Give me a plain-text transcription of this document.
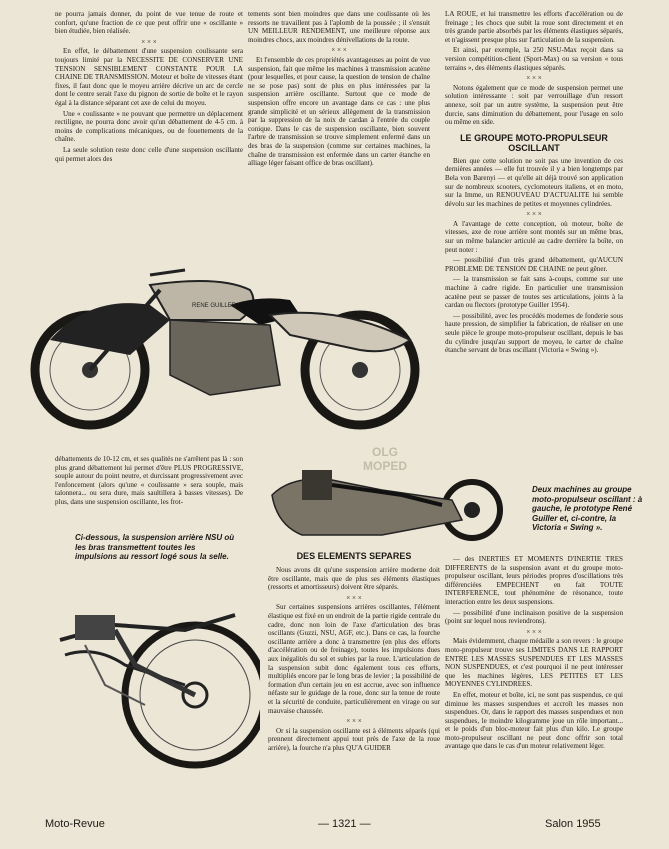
ne pourra jamais donner, du point de vue tenue de route et confort, qu'une fraction de ce que peut offrir une « oscillante » bien étudiée, bien réalisée.

× × ×

En effet, le débattement d'une suspension coulissante sera toujours limité par la NECESSITE DE CONSERVER UNE TENSION SENSIBLEMENT CONSTANTE POUR LA CHAINE DE TRANSMISSION. Moteur et boîte de vitesses étant fixes, il faut donc que le moyeu arrière décrive un arc de cercle dont le centre serait l'axe du pignon de sortie de boîte et le rayon égal à la distance séparant cet axe de celui du moyeu.

Une « coulissante » ne pouvant que permettre un déplacement rectiligne, ne pourra donc avoir qu'un débattement de 4-5 cm. à moins de complications mécaniques, ou de fouettements de la chaîne.

La seule solution reste donc celle d'une suspension oscillante qui permet alors des

tements sont bien moindres que dans une coulissante où les ressorts ne travaillent pas à l'aplomb de la poussée ; il s'ensuit UN MEILLEUR RENDEMENT, une meilleure réponse aux moindres chocs, aux moindres dénivellations de la route.

× × ×

Et l'ensemble de ces propriétés avantageuses au point de vue suspension, fait que même les machines à transmission acatène (pour lesquelles, et pour cause, la question de tension de chaîne ne se pose pas) sont de plus en plus intéressées par la suspension arrière oscillante. Surtout que ce mode de suspension offre encore un avantage dans ce cas : une plus grande simplicité et un sérieux allègement de la transmission par la suppression de la noix de cardan à l'entrée du couple conique. Dans le cas de suspension oscillante, bien souvent l'arbre de transmission se trouve simplement enfermé dans un des bras de la suspension (comme sur certaines machines, la chaîne de transmission est enfermée dans un carter étanche en alliage léger faisant office de bras oscillant).

LA ROUE, et lui transmettre les efforts d'accélération ou de freinage ; les chocs que subit la roue sont directement et en très grande partie absorbés par les éléments élastiques séparés, et n'agissent presque plus sur l'articulation de la suspension.

Et ainsi, par exemple, la 250 NSU-Max reçoit dans sa version compétition-client (Sport-Max) ou sa version « tous terrains », des éléments élastiques séparés.

× × ×

Notons également que ce mode de suspension permet une solution intéressante : soit par verrouillage d'un ressort annexe, soit par un autre système, la suspension peut être durcie, sans diminution du débattement, pour l'usage en solo ou même en side.

LE GROUPE MOTO-PROPULSEUR OSCILLANT

Bien que cette solution ne soit pas une invention de ces dernières années — elle fut trouvée il y a bien longtemps par Bela von Barenyi — et qu'elle ait déjà trouvé son application sur de nombreux scooters, cyclomoteurs italiens, et en moto, sur la Imme, un RENOUVEAU D'ACTUALITE lui semble dévolu sur les machines de petites et moyennes cylindrées.

× × ×

A l'avantage de cette conception, où moteur, boîte de vitesses, axe de roue arrière sont montés sur un même bras, sur un même balancier articulé au cadre derrière la boîte, on peut noter :

— possibilité d'un très grand débattement, qu'AUCUN PROBLEME DE TENSION DE CHAINE ne peut gêner.

— la transmission se fait sans à-coups, comme sur une machine à cadre rigide. En particulier une transmission acatène peut se passer de toutes ses articulations, joints à la cardan ou flectors (prototype Guiller 1954).

— possibilité, avec les procédés modernes de fonderie sous haute pression, de simplifier la fabrication, de réaliser en une seule pièce le groupe moto-propulseur oscillant, depuis le bas du cylindre jusqu'au support de moyeu, le carter de chaîne étanche servant de bras oscillant (Victoria « Swing »).

RENE GUILLER
OLG MOPED

débattements de 10-12 cm, et ses qualités ne s'arrêtent pas là : son plus grand débattement lui permet d'être PLUS PROGRESSIVE, souple autour du point neutre, et durcissant progressivement avec l'enfoncement (alors qu'une « coulissante » sera souple, mais talonnera... ou sera dure, mais saultillera à basses vitesses). De plus, dans une suspension oscillante, les frot-

Ci-dessous, la suspension arrière NSU où les bras transmettent toutes les impulsions au ressort logé sous la selle.
Deux machines au groupe moto-propulseur oscillant : à gauche, le prototype René Guiller et, ci-contre, la Victoria « Swing ».
DES ELEMENTS SEPARES

Nous avons dit qu'une suspension arrière moderne doit être oscillante, mais que de plus ses éléments élastiques (ressorts et amortisseurs) doivent être séparés.

× × ×

Sur certaines suspensions arrières oscillantes, l'élément élastique est fixé en un endroit de la partie rigide centrale du cadre, donc non loin de l'axe d'articulation des bras oscillants (Guzzi, NSU, AGF, etc.). Dans ce cas, la fourche oscillante arrière a donc à transmettre (en plus des efforts d'accélération ou de freinage), toutes les impulsions dues aux inégalités du sol et subies par la roue. L'articulation de la suspension subit donc également tous ces efforts, multipliés encore par le long bras de levier ; la possibilité de formation d'un certain jeu en est accrue, avec son influence néfaste sur le guidage de la roue, donc sur la tenue de route et la sécurité de conduite, particulièrement en virage ou sur mauvaise chaussée.

× × ×

Or si la suspension oscillante est à éléments séparés (qui prennent directement appui tout près de l'axe de la roue arrière), la fourche n'a plus QU'A GUIDER

— des INERTIES ET MOMENTS D'INERTIE TRES DIFFERENTS de la suspension avant et du groupe moto-propulseur oscillant, leurs périodes propres d'oscillations très différenciées EMPECHENT en fait TOUTE INTERFERENCE, tout phénomène de résonance, toute interaction entre les deux suspensions.

— possibilité d'une inclinaison positive de la suspension (point sur lequel nous reviendrons).

× × ×

Mais évidemment, chaque médaille a son revers : le groupe moto-propulseur trouve ses LIMITES DANS LE RAPPORT ENTRE LES MASSES SUSPENDUES ET LES MASSES NON SUSPENDUES, et c'est pourquoi il ne peut intéresser que les machines légères, LES PETITES ET LES MOYENNES CYLINDREES.

En effet, moteur et boîte, ici, ne sont pas suspendus, ce qui diminue les masses suspendues et accroît les masses non suspendues. Or, dans le rapport des masses suspendues et non suspendues, le moindre kilogramme joue un rôle important... et le poids d'un bloc-moteur fait plus d'un kilo. Le groupe moto-propulseur oscillant ne peut donc offrir son total avantage que dans le cas d'un moteur relativement léger.

Moto-Revue	— 1321 —	Salon 1955
